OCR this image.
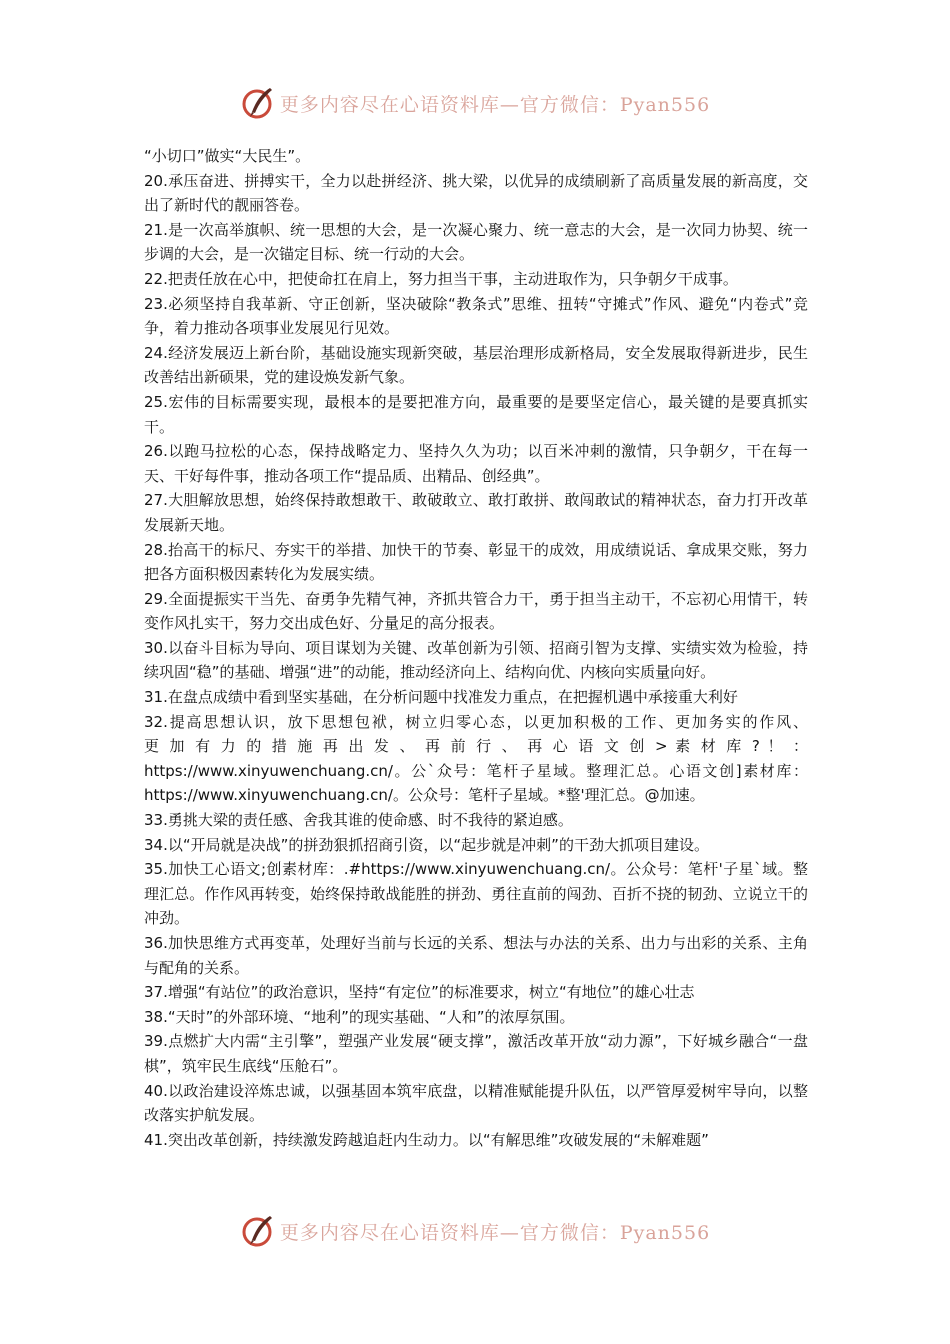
更多内容尽在心语资料库—官方微信：Pyan556

“小切口”做实“大民生”。

20.承压奋进、拼搏实干，全力以赴拼经济、挑大梁，以优异的成绩刷新了高质量发展的新高度，交出了新时代的靓丽答卷。

21.是一次高举旗帜、统一思想的大会，是一次凝心聚力、统一意志的大会，是一次同力协契、统一步调的大会，是一次锚定目标、统一行动的大会。

22.把责任放在心中，把使命扛在肩上，努力担当干事，主动进取作为，只争朝夕干成事。

23.必须坚持自我革新、守正创新，坚决破除“教条式”思维、扭转“守摊式”作风、避免“内卷式”竞争，着力推动各项事业发展见行见效。

24.经济发展迈上新台阶，基础设施实现新突破，基层治理形成新格局，安全发展取得新进步，民生改善结出新硕果，党的建设焕发新气象。

25.宏伟的目标需要实现，最根本的是要把准方向，最重要的是要坚定信心，最关键的是要真抓实干。

26.以跑马拉松的心态，保持战略定力、坚持久久为功；以百米冲刺的激情，只争朝夕，干在每一天、干好每件事，推动各项工作“提品质、出精品、创经典”。

27.大胆解放思想，始终保持敢想敢干、敢破敢立、敢打敢拼、敢闯敢试的精神状态，奋力打开改革发展新天地。

28.抬高干的标尺、夯实干的举措、加快干的节奏、彰显干的成效，用成绩说话、拿成果交账，努力把各方面积极因素转化为发展实绩。

29.全面提振实干当先、奋勇争先精气神，齐抓共管合力干，勇于担当主动干，不忘初心用情干，转变作风扎实干，努力交出成色好、分量足的高分报表。

30.以奋斗目标为导向、项目谋划为关键、改革创新为引领、招商引智为支撑、实绩实效为检验，持续巩固“稳”的基础、增强“进”的动能，推动经济向上、结构向优、内核向实质量向好。

31.在盘点成绩中看到坚实基础，在分析问题中找准发力重点，在把握机遇中承接重大利好

32.提高思想认识，放下思想包袱，树立归零心态，以更加积极的工作、更加务实的作风、

更 加 有 力 的 措 施 再 出 发 、 再 前 行 、 再 心 语 文 创 > 素 材 库 ? ！ ： https://www.xinyuwenchuang.cn/。公`众号：笔杆子星域。整理汇总。心语文创]素材库：https://www.xinyuwenchuang.cn/。公众号：笔杆子星域。*整'理汇总。@加速。

33.勇挑大梁的责任感、舍我其谁的使命感、时不我待的紧迫感。

34.以“开局就是决战”的拼劲狠抓招商引资，以“起步就是冲刺”的干劲大抓项目建设。

35.加快工心语文;创素材库：.#https://www.xinyuwenchuang.cn/。公众号：笔杆'子星`域。整理汇总。作作风再转变，始终保持敢战能胜的拼劲、勇往直前的闯劲、百折不挠的韧劲、立说立干的冲劲。

36.加快思维方式再变革，处理好当前与长远的关系、想法与办法的关系、出力与出彩的关系、主角与配角的关系。

37.增强“有站位”的政治意识，坚持“有定位”的标准要求，树立“有地位”的雄心壮志

38.“天时”的外部环境、“地利”的现实基础、“人和”的浓厚氛围。

39.点燃扩大内需“主引擎”，塑强产业发展“硬支撑”，激活改革开放“动力源”，下好城乡融合“一盘棋”，筑牢民生底线“压舱石”。

40.以政治建设淬炼忠诚，以强基固本筑牢底盘，以精准赋能提升队伍，以严管厚爱树牢导向，以整改落实护航发展。

41.突出改革创新，持续激发跨越追赶内生动力。以“有解思维”攻破发展的“未解难题”

更多内容尽在心语资料库—官方微信：Pyan556
